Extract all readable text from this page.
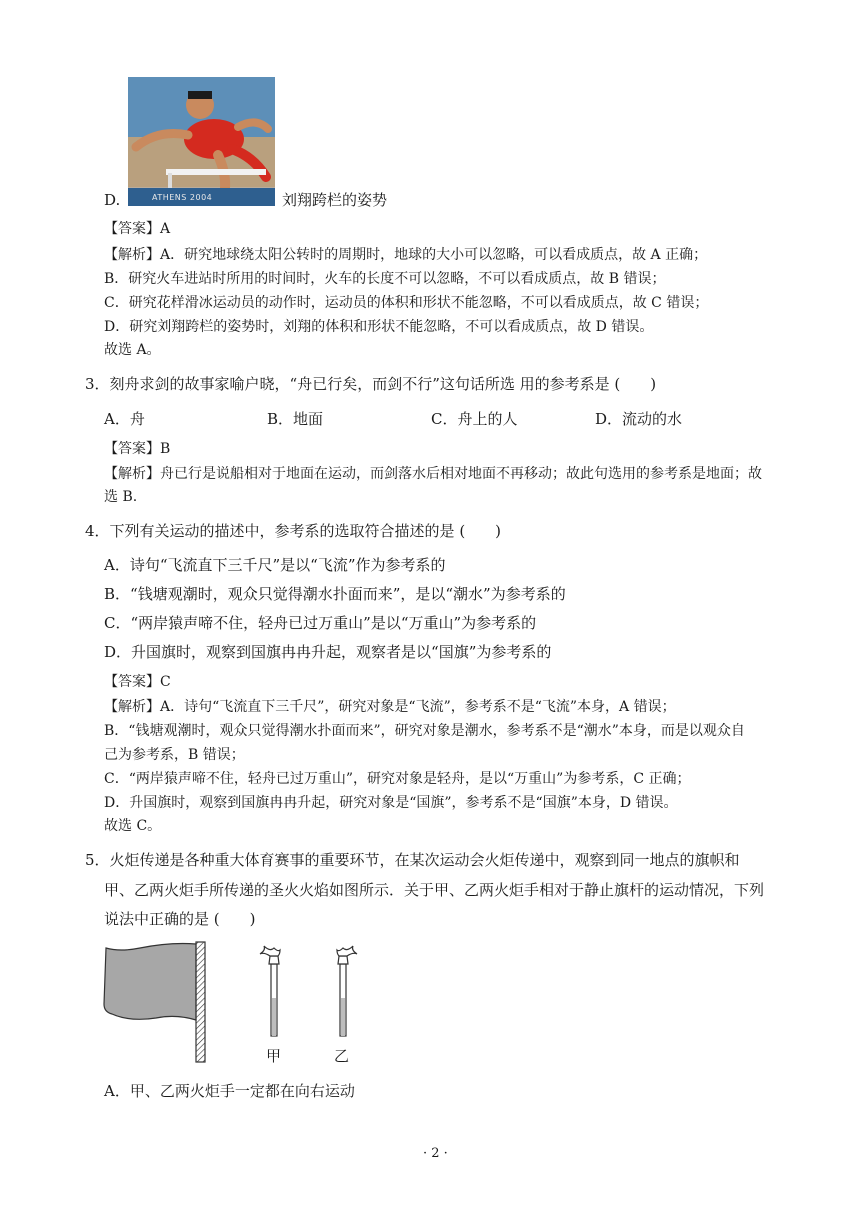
ATHENS 2004
D.	刘翔跨栏的姿势
【答案】A
【解析】A．研究地球绕太阳公转时的周期时，地球的大小可以忽略，可以看成质点，故 A 正确；
B．研究火车进站时所用的时间时，火车的长度不可以忽略，不可以看成质点，故 B 错误；
C．研究花样滑冰运动员的动作时，运动员的体积和形状不能忽略，不可以看成质点，故 C 错误；
D．研究刘翔跨栏的姿势时，刘翔的体积和形状不能忽略，不可以看成质点，故 D 错误。
故选 A。
3．刻舟求剑的故事家喻户晓，“舟已行矣，而剑不行”这句话所选 用的参考系是 (　　)
A．舟	B．地面	C．舟上的人	D．流动的水
【答案】B
【解析】舟已行是说船相对于地面在运动，而剑落水后相对地面不再移动；故此句选用的参考系是地面；故
选 B.
4．下列有关运动的描述中，参考系的选取符合描述的是 (　　)
A．诗句“飞流直下三千尺”是以“飞流”作为参考系的
B．“钱塘观潮时，观众只觉得潮水扑面而来”，是以“潮水”为参考系的
C．“两岸猿声啼不住，轻舟已过万重山”是以“万重山”为参考系的
D．升国旗时，观察到国旗冉冉升起，观察者是以“国旗”为参考系的
【答案】C
【解析】A．诗句“飞流直下三千尺”，研究对象是“飞流”，参考系不是“飞流”本身，A 错误；
B．“钱塘观潮时，观众只觉得潮水扑面而来”，研究对象是潮水，参考系不是“潮水”本身，而是以观众自
己为参考系，B 错误；
C．“两岸猿声啼不住，轻舟已过万重山”，研究对象是轻舟，是以“万重山”为参考系，C 正确；
D．升国旗时，观察到国旗冉冉升起，研究对象是“国旗”，参考系不是“国旗”本身，D 错误。
故选 C。
5．火炬传递是各种重大体育赛事的重要环节，在某次运动会火炬传递中，观察到同一地点的旗帜和
甲、乙两火炬手所传递的圣火火焰如图所示．关于甲、乙两火炬手相对于静止旗杆的运动情况，下列
说法中正确的是 (　　)
甲	乙
A．甲、乙两火炬手一定都在向右运动
· 2 ·
